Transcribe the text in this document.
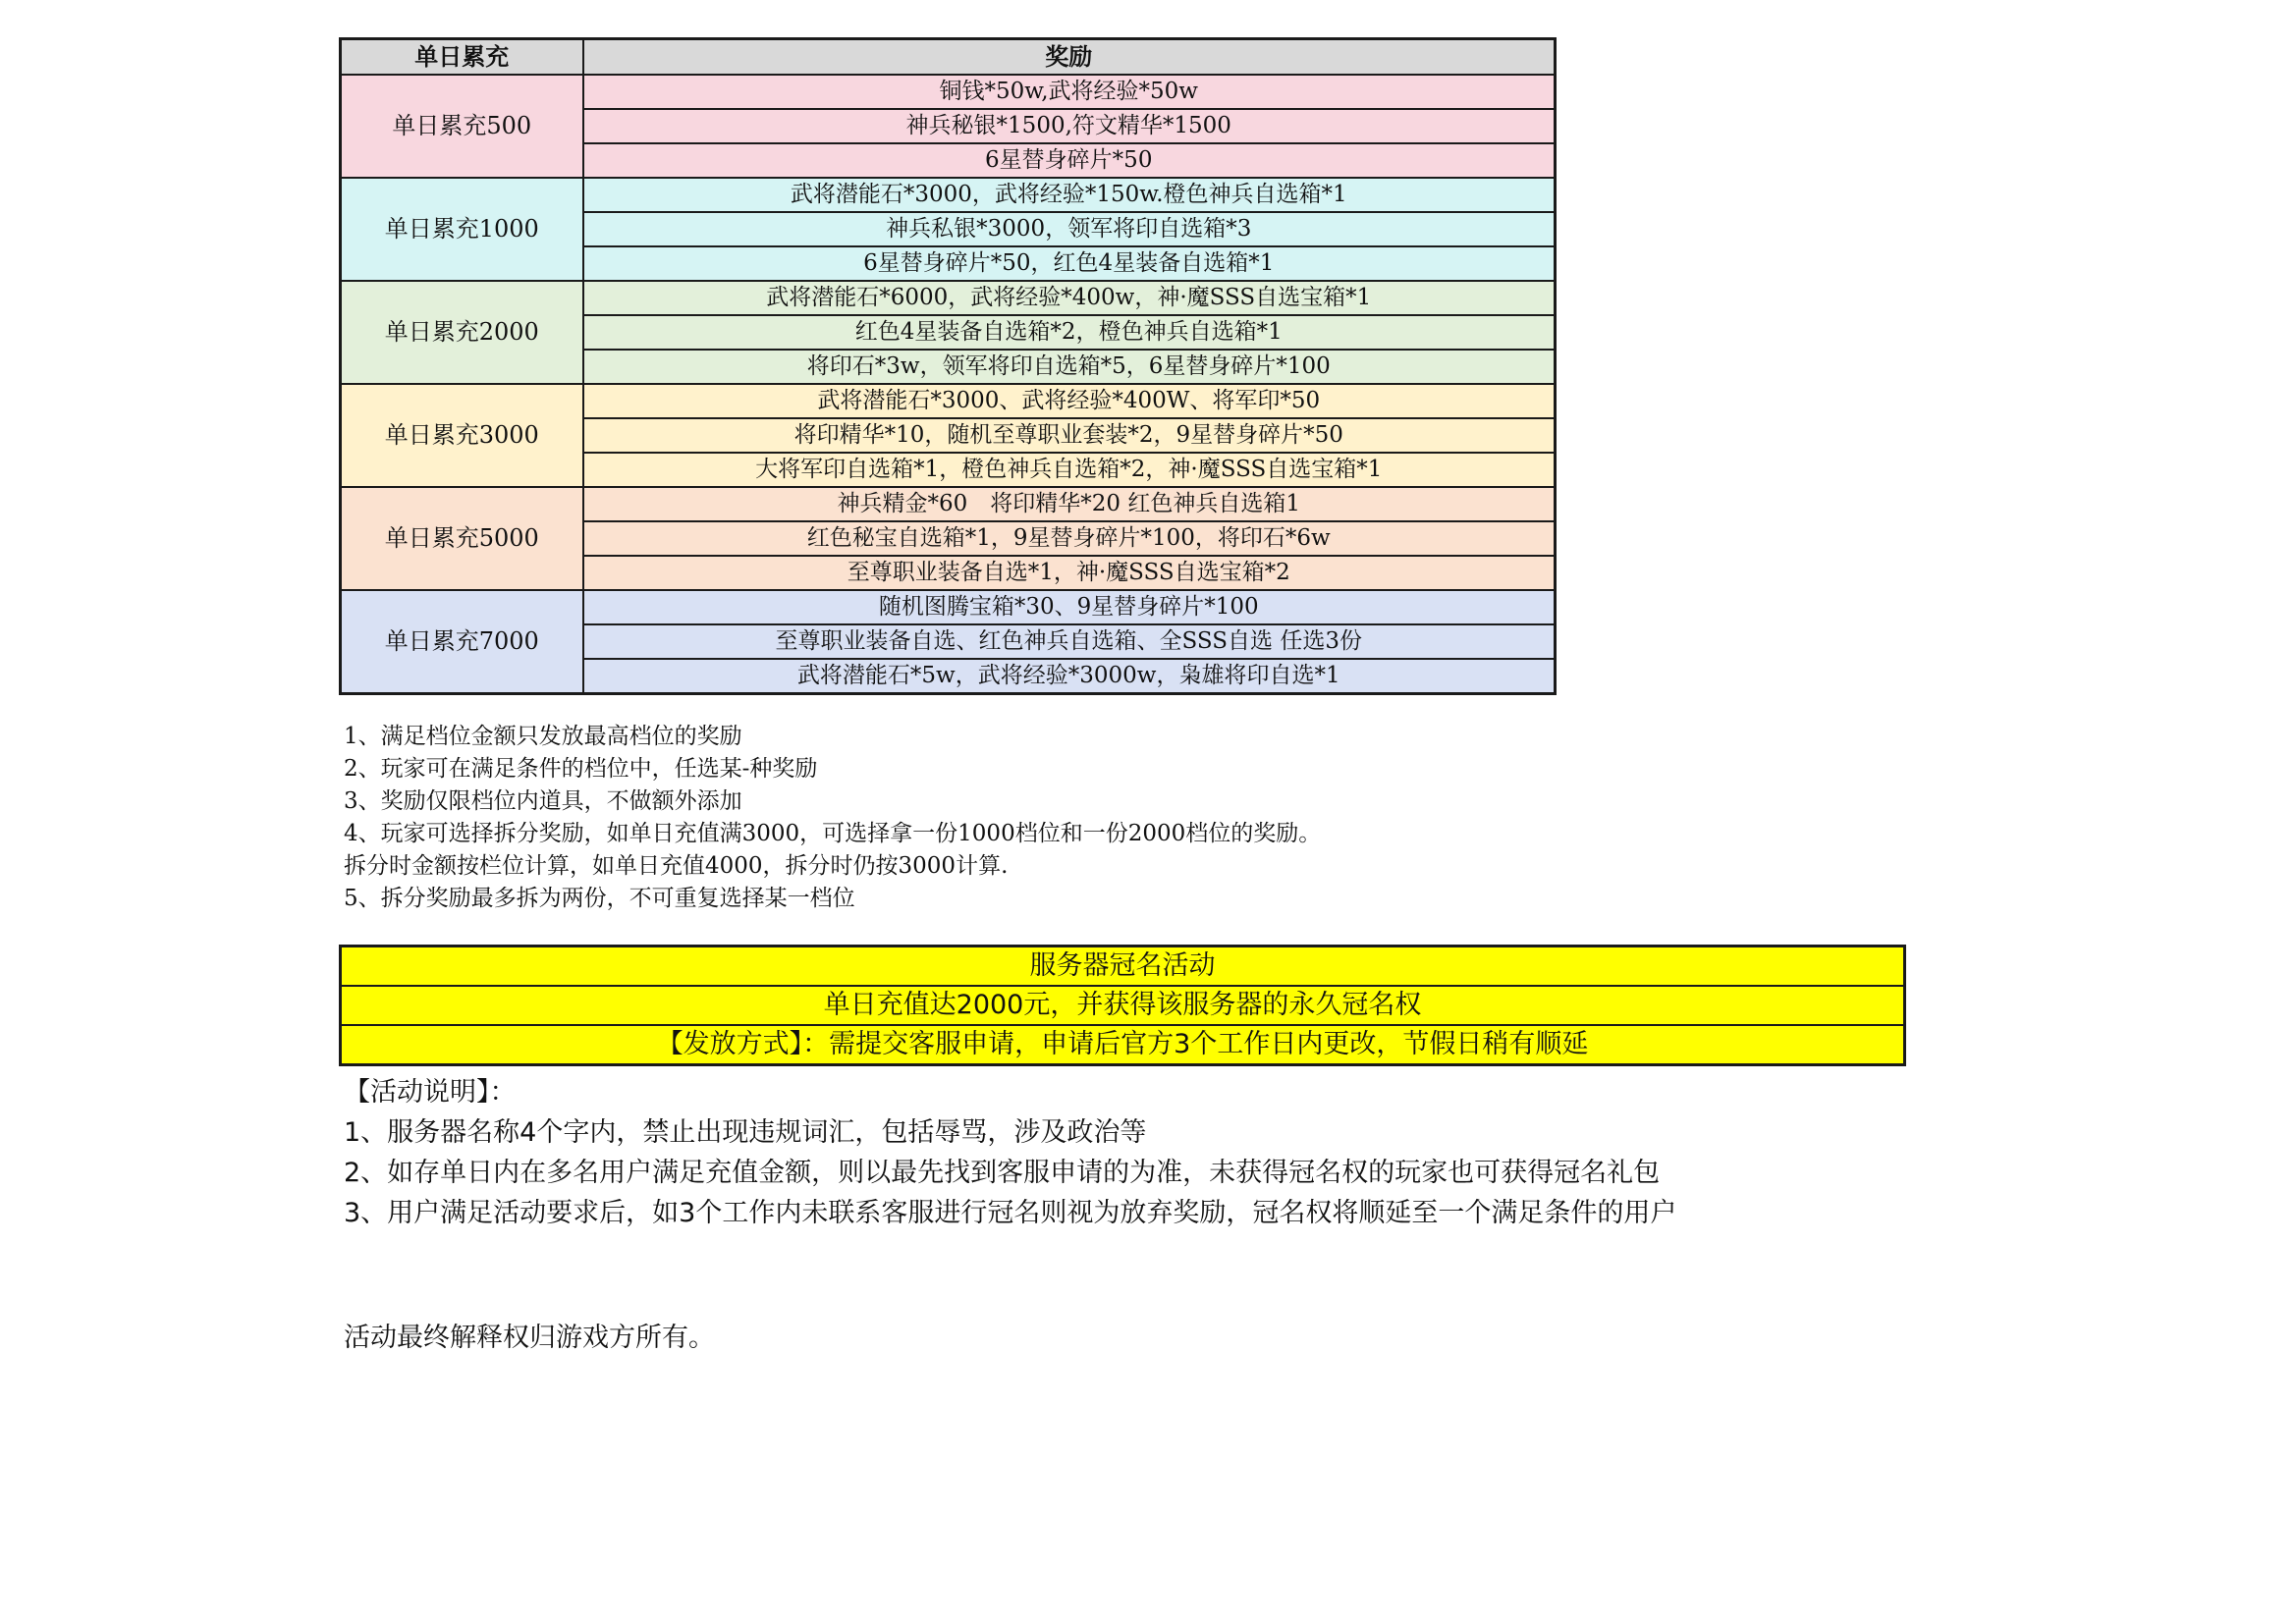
单日累充	奖励
单日累充500	铜钱*50w,武将经验*50w
	神兵秘银*1500,符文精华*1500
	6星替身碎片*50
单日累充1000	武将潜能石*3000，武将经验*150w.橙色神兵自选箱*1
	神兵私银*3000，领军将印自选箱*3
	6星替身碎片*50，红色4星装备自选箱*1
单日累充2000	武将潜能石*6000，武将经验*400w，神·魔SSS自选宝箱*1
	红色4星装备自选箱*2，橙色神兵自选箱*1
	将印石*3w，领军将印自选箱*5，6星替身碎片*100
单日累充3000	武将潜能石*3000、武将经验*400W、将军印*50
	将印精华*10，随机至尊职业套装*2，9星替身碎片*50
	大将军印自选箱*1，橙色神兵自选箱*2，神·魔SSS自选宝箱*1
单日累充5000	神兵精金*60　将印精华*20 红色神兵自选箱1
	红色秘宝自选箱*1，9星替身碎片*100，将印石*6w
	至尊职业装备自选*1，神·魔SSS自选宝箱*2
单日累充7000	随机图腾宝箱*30、9星替身碎片*100
	至尊职业装备自选、红色神兵自选箱、全SSS自选 任选3份
	武将潜能石*5w，武将经验*3000w，枭雄将印自选*1
1、满足档位金额只发放最高档位的奖励
2、玩家可在满足条件的档位中，任选某-种奖励
3、奖励仅限档位内道具，不做额外添加
4、玩家可选择拆分奖励，如单日充值满3000，可选择拿一份1000档位和一份2000档位的奖励。
拆分时金额按栏位计算，如单日充值4000，拆分时仍按3000计算.
5、拆分奖励最多拆为两份，不可重复选择某一档位
服务器冠名活动
单日充值达2000元，并获得该服务器的永久冠名权
【发放方式】：需提交客服申请，申请后官方3个工作日内更改，节假日稍有顺延
【活动说明】：
1、服务器名称4个字内，禁止出现违规词汇，包括辱骂，涉及政治等
2、如存单日内在多名用户满足充值金额，则以最先找到客服申请的为准，未获得冠名权的玩家也可获得冠名礼包
3、用户满足活动要求后，如3个工作内未联系客服进行冠名则视为放弃奖励，冠名权将顺延至一个满足条件的用户
活动最终解释权归游戏方所有。
